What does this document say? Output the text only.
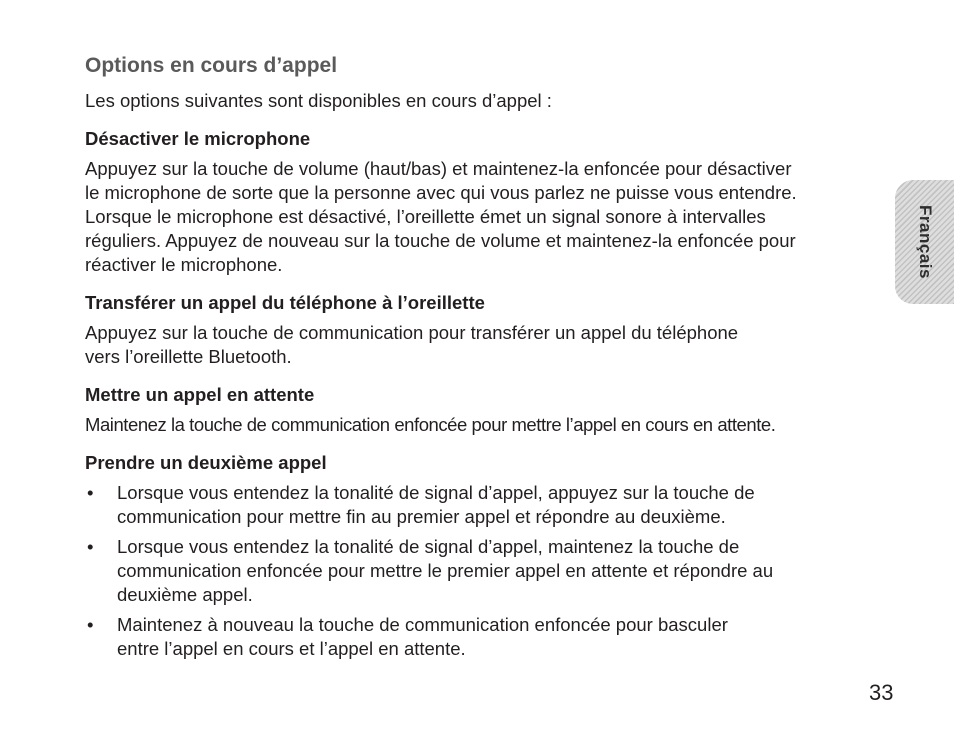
Options en cours d’appel
Les options suivantes sont disponibles en cours d’appel :
Désactiver le microphone
Appuyez sur la touche de volume (haut/bas) et maintenez-la enfoncée pour désactiver
le microphone de sorte que la personne avec qui vous parlez ne puisse vous entendre.
Lorsque le microphone est désactivé, l’oreillette émet un signal sonore à intervalles
réguliers. Appuyez de nouveau sur la touche de volume et maintenez-la enfoncée pour
réactiver le microphone.
Transférer un appel du téléphone à l’oreillette
Appuyez sur la touche de communication pour transférer un appel du téléphone
vers l’oreillette Bluetooth.
Mettre un appel en attente
Maintenez la touche de communication enfoncée pour mettre l’appel en cours en attente.
Prendre un deuxième appel
• Lorsque vous entendez la tonalité de signal d’appel, appuyez sur la touche de
communication pour mettre fin au premier appel et répondre au deuxième.
• Lorsque vous entendez la tonalité de signal d’appel, maintenez la touche de
communication enfoncée pour mettre le premier appel en attente et répondre au
deuxième appel.
• Maintenez à nouveau la touche de communication enfoncée pour basculer
entre l’appel en cours et l’appel en attente.
Français
33
